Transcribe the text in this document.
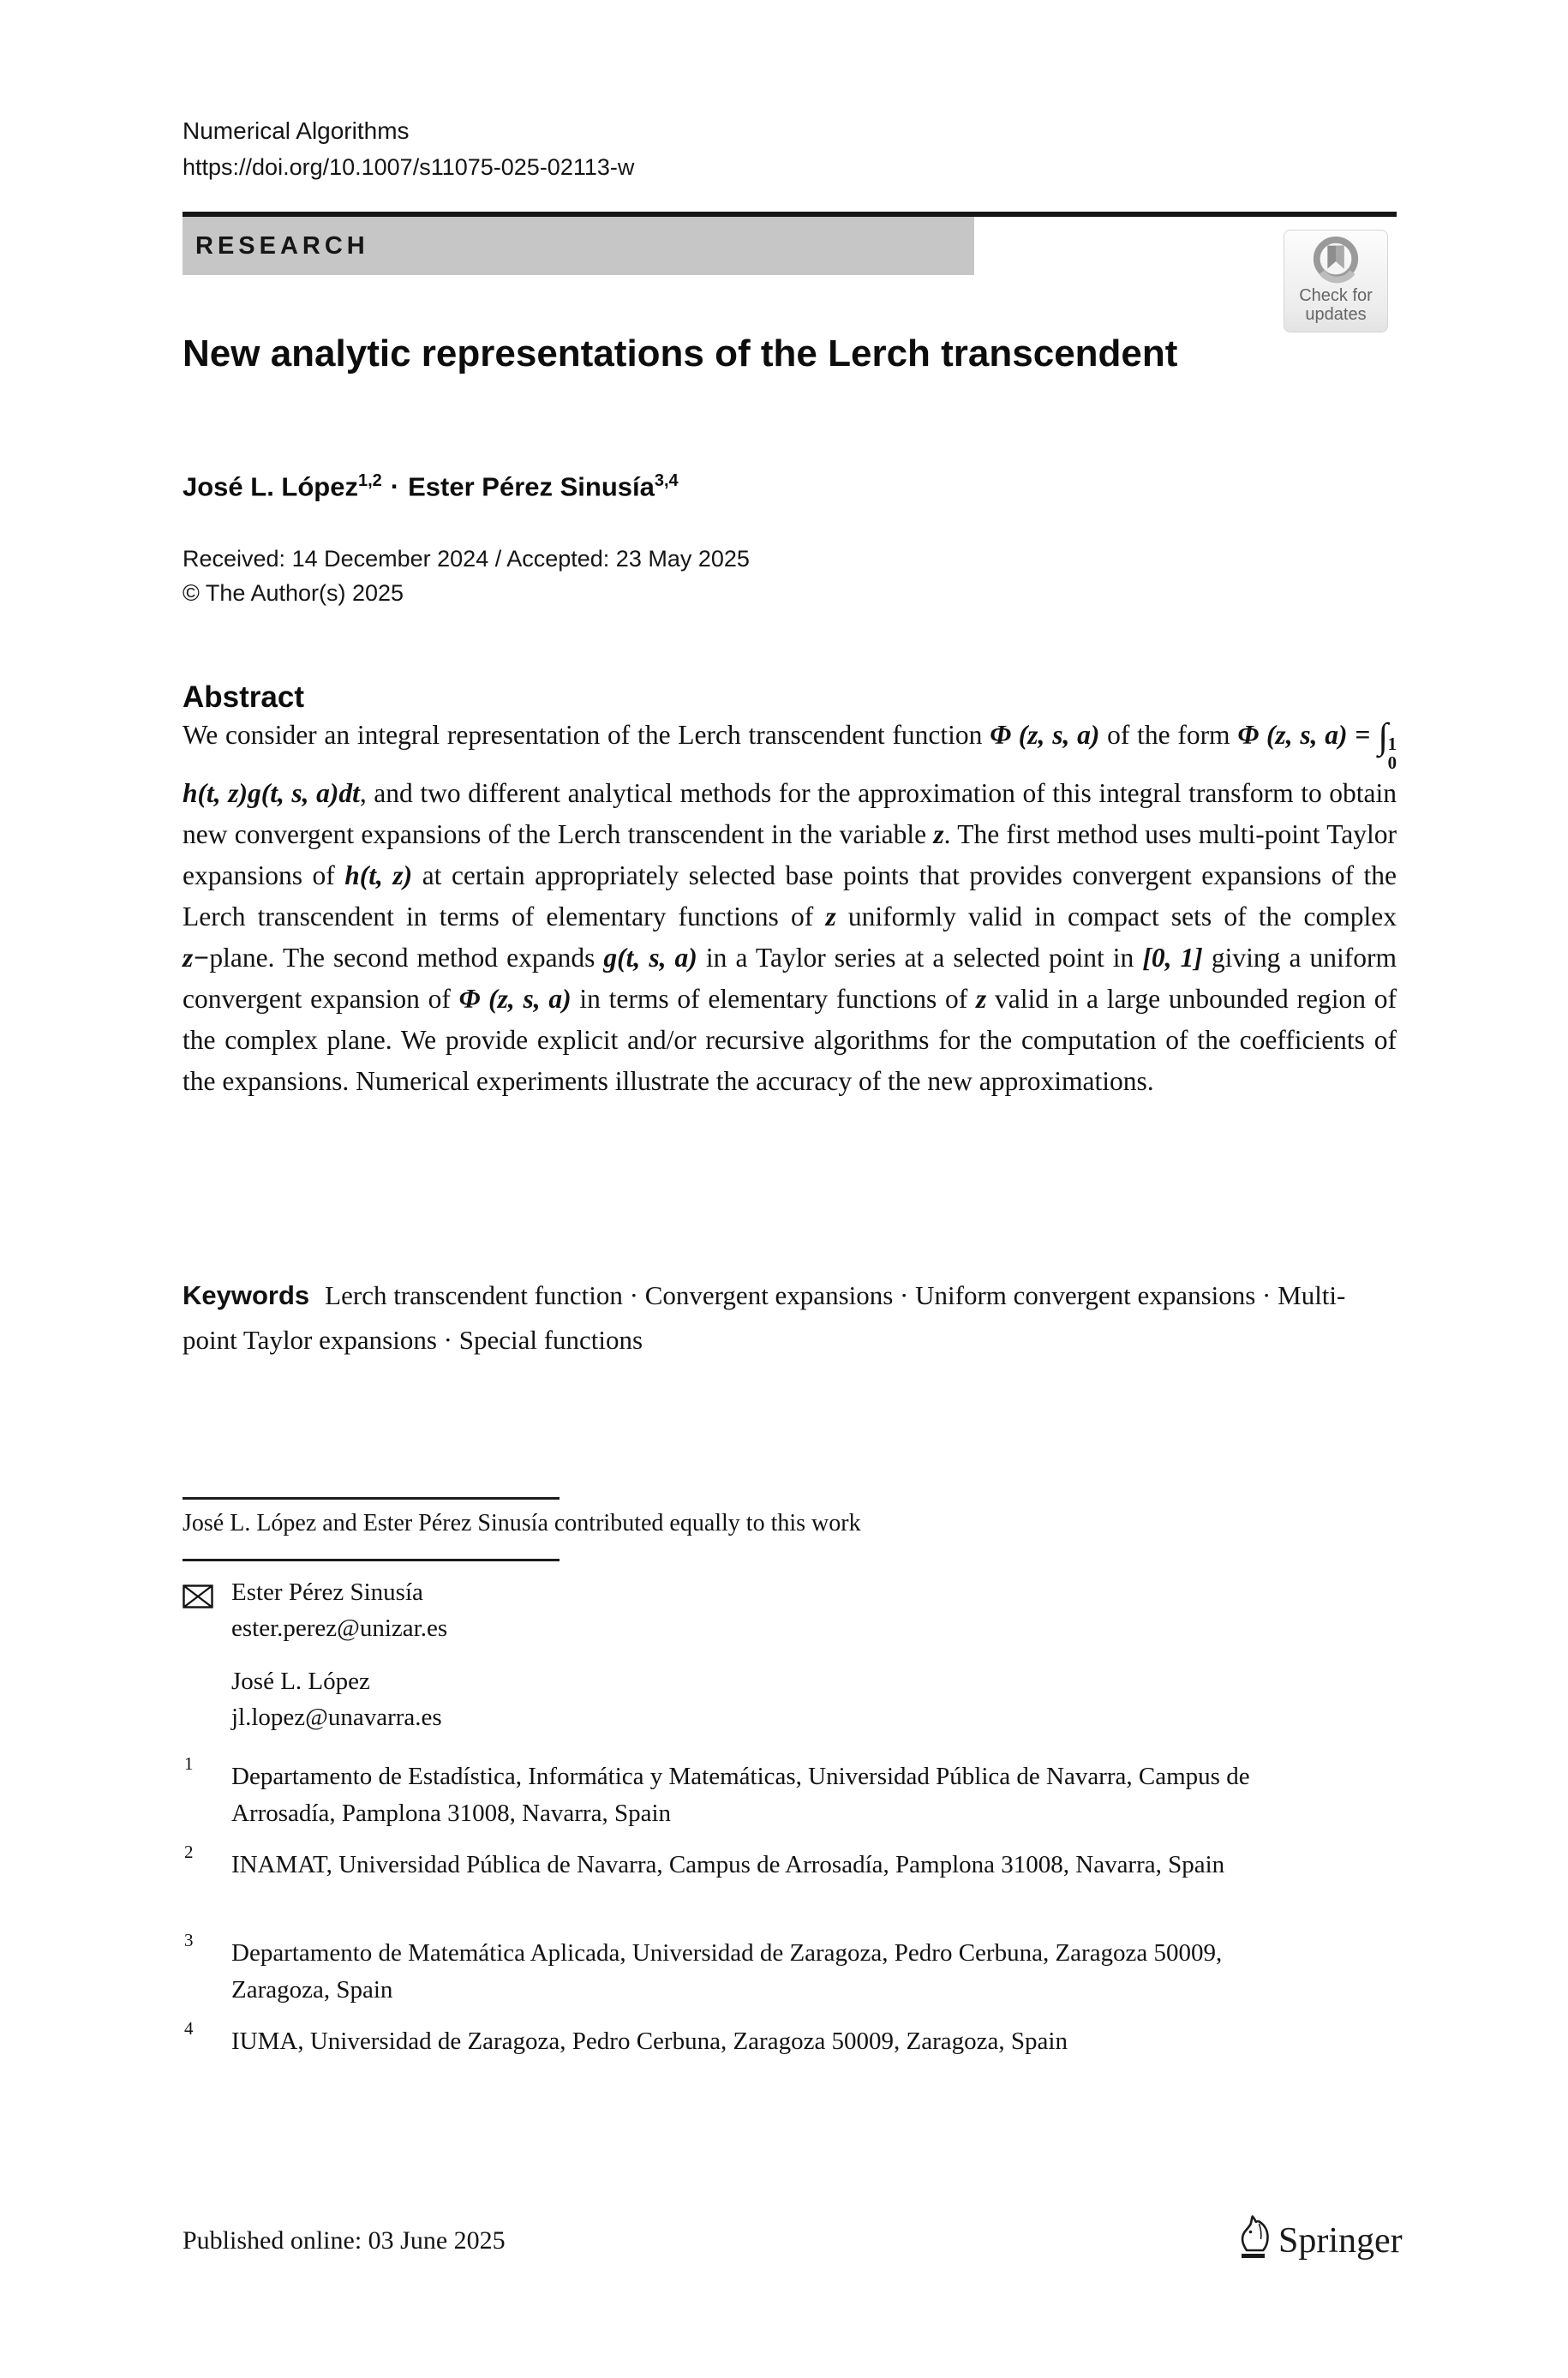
Numerical Algorithms
https://doi.org/10.1007/s11075-025-02113-w
RESEARCH
Check for
updates
New analytic representations of the Lerch transcendent
José L. López$^{1,2}$ · Ester Pérez Sinusía$^{3,4}$
Received: 14 December 2024 / Accepted: 23 May 2025
© The Author(s) 2025
Abstract
We consider an integral representation of the Lerch transcendent function Φ (z, s, a) of the form Φ (z, s, a) = ∫ 1
0
h(t, z)g(t, s, a)dt, and two different analytical methods for the approximation of this integral transform to obtain new convergent expansions of the Lerch transcendent in the variable z. The first method uses multi-point Taylor expansions of h(t, z) at certain appropriately selected base points that provides convergent expansions of the Lerch transcendent in terms of elementary functions of z uniformly valid in compact sets of the complex z−plane. The second method expands g(t, s, a) in a Taylor series at a selected point in [0, 1] giving a uniform convergent expansion of Φ (z, s, a) in terms of elementary functions of z valid in a large unbounded region of the complex plane. We provide explicit and/or recursive algorithms for the computation of the coefficients of the expansions. Numerical experiments illustrate the accuracy of the new approximations.
Keywords Lerch transcendent function · Convergent expansions · Uniform convergent expansions · Multi-point Taylor expansions · Special functions
José L. López and Ester Pérez Sinusía contributed equally to this work
Ester Pérez Sinusía
ester.perez@unizar.es
José L. López
jl.lopez@unavarra.es
1 Departamento de Estadística, Informática y Matemáticas, Universidad Pública de Navarra, Campus de Arrosadía, Pamplona 31008, Navarra, Spain
2 INAMAT, Universidad Pública de Navarra, Campus de Arrosadía, Pamplona 31008, Navarra, Spain
3 Departamento de Matemática Aplicada, Universidad de Zaragoza, Pedro Cerbuna, Zaragoza 50009, Zaragoza, Spain
4 IUMA, Universidad de Zaragoza, Pedro Cerbuna, Zaragoza 50009, Zaragoza, Spain
Published online: 03 June 2025	Springer
